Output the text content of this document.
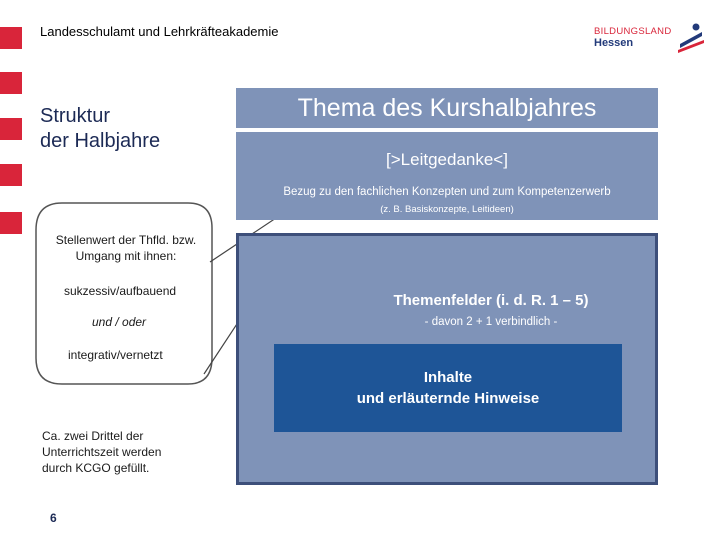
Landesschulamt und Lehrkräfteakademie	BILDUNGSLAND
Hessen
Struktur
der Halbjahre
Thema des Kurshalbjahres
[>Leitgedanke<]
Bezug zu den fachlichen Konzepten und zum Kompetenzerwerb
(z. B. Basiskonzepte, Leitideen)
Themenfelder (i. d. R. 1 – 5)
- davon 2 + 1 verbindlich -
Inhalte
und erläuternde Hinweise
Stellenwert der Thfld. bzw.
Umgang mit ihnen:
sukzessiv/aufbauend
und / oder
integrativ/vernetzt
Ca. zwei Drittel der
Unterrichtszeit werden
durch KCGO gefüllt.
6
